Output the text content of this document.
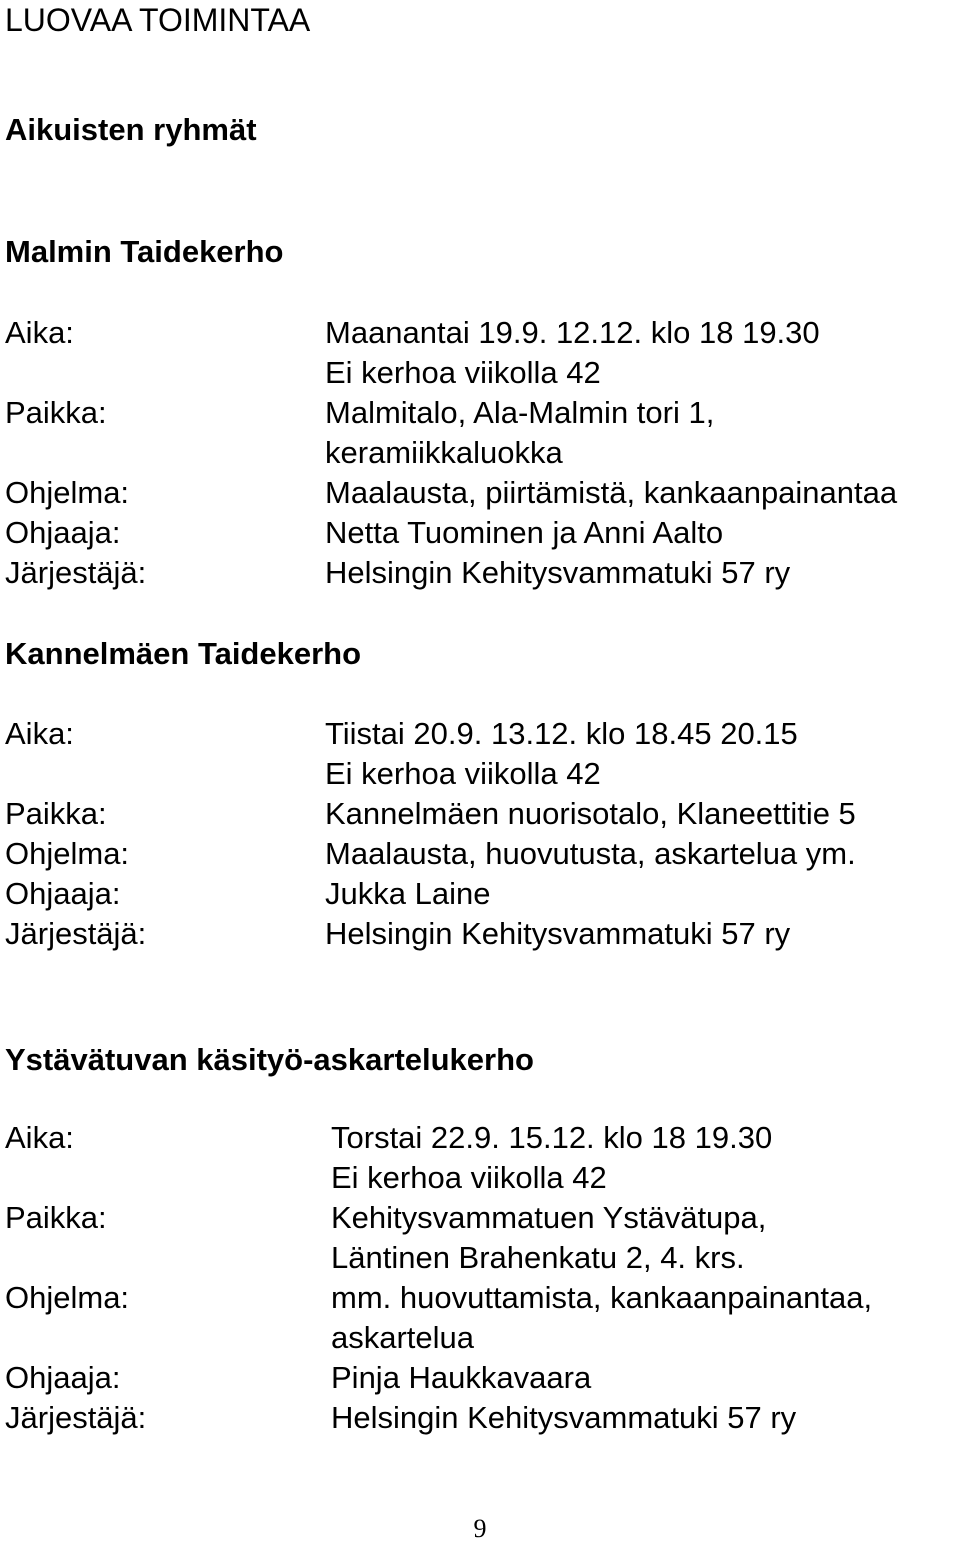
LUOVAA TOIMINTAA
Aikuisten ryhmät
Malmin Taidekerho
Aika:	Maanantai 19.9. 12.12. klo 18 19.30
Ei kerhoa viikolla 42
Paikka:	Malmitalo, Ala-Malmin tori 1,
keramiikkaluokka
Ohjelma:	Maalausta, piirtämistä, kankaanpainantaa
Ohjaaja:	Netta Tuominen ja Anni Aalto
Järjestäjä:	Helsingin Kehitysvammatuki 57 ry
Kannelmäen Taidekerho
Aika:	Tiistai 20.9. 13.12. klo 18.45 20.15
Ei kerhoa viikolla 42
Paikka:	Kannelmäen nuorisotalo, Klaneettitie 5
Ohjelma:	Maalausta, huovutusta, askartelua ym.
Ohjaaja:	Jukka Laine
Järjestäjä:	Helsingin Kehitysvammatuki 57 ry
Ystävätuvan käsityö-askartelukerho
Aika:	Torstai 22.9. 15.12. klo 18 19.30
Ei kerhoa viikolla 42
Paikka:	Kehitysvammatuen Ystävätupa,
Läntinen Brahenkatu 2, 4. krs.
Ohjelma:	mm. huovuttamista, kankaanpainantaa,
askartelua
Ohjaaja:	Pinja Haukkavaara
Järjestäjä:	Helsingin Kehitysvammatuki 57 ry
9
